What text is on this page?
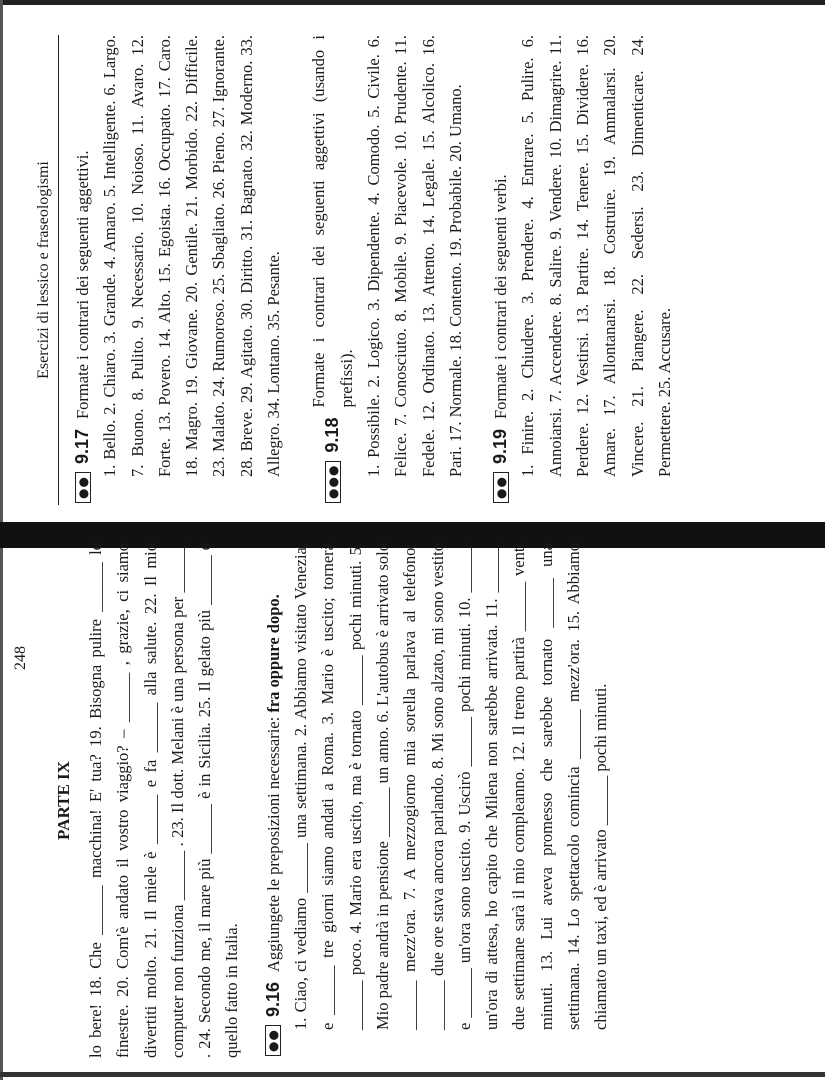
Esercizi di lessico e fraseologismi
●●
9.17
Formate i contrari dei seguenti aggettivi. 1. Bello. 2. Chiaro. 3. Grande. 4. Amaro. 5. Intelligente. 6. Largo. 7. Buono. 8. Pulito. 9. Necessario. 10. Noioso. 11. Avaro. 12. Forte. 13. Povero. 14. Alto. 15. Egoista. 16. Occupato. 17. Caro. 18. Magro. 19. Giovane. 20. Gentile. 21. Morbido. 22. Difficile. 23. Malato. 24. Rumoroso. 25. Sbagliato. 26. Pieno. 27. Ignorante. 28. Breve. 29. Agitato. 30. Diritto. 31. Bagnato. 32. Moderno. 33. Allegro. 34. Lontano. 35. Pesante.

●●●
9.18
Formate i contrari dei seguenti aggettivi (usando i prefissi). 1. Possibile. 2. Logico. 3. Dipendente. 4. Comodo. 5. Civile. 6. Felice. 7. Conosciuto. 8. Mobile. 9. Piacevole. 10. Prudente. 11. Fedele. 12. Ordinato. 13. Attento. 14. Legale. 15. Alcolico. 16. Pari. 17. Normale. 18. Contento. 19. Probabile. 20. Umano.

●●
9.19
Formate i contrari dei seguenti verbi. 1. Finire. 2. Chiudere. 3. Prendere. 4. Entrare. 5. Pulire. 6. Annoiarsi. 7. Accendere. 8. Salire. 9. Vendere. 10. Dimagrire. 11. Perdere. 12. Vestirsi. 13. Partire. 14. Tenere. 15. Dividere. 16. Amare. 17. Allontanarsi. 18. Costruire. 19. Ammalarsi. 20. Vincere. 21. Piangere. 22. Sedersi. 23. Dimenticare. 24. Permettere. 25. Accusare.

PARTE IX lo bere! 18. Che ______ macchina! E' tua? 19. Bisogna pulire ______ le finestre. 20. Com'è andato il vostro viaggio? – ______ , grazie, ci siamo divertiti molto. 21. Il miele è ______ e fa ______ alla salute. 22. Il mio computer non funziona ______ . 23. Il dott. Melani è una persona per ______ . 24. Secondo me, il mare più ______ è in Sicilia. 25. Il gelato più ______ è quello fatto in Italia.	●●
9.16
Aggiungete le preposizioni necessarie: fra oppure dopo. 1. Ciao, ci vediamo ______ una settimana. 2. Abbiamo visitato Venezia, e ______ tre giorni siamo andati a Roma. 3. Mario è uscito; tornerà ______ poco. 4. Mario era uscito, ma è tornato ______ pochi minuti. 5. Mio padre andrà in pensione ______ un anno. 6. L'autobus è arrivato solo ______ mezz'ora. 7. A mezzogiorno mia sorella parlava al telefono; ______ due ore stava ancora parlando. 8. Mi sono alzato, mi sono vestito e ______ un'ora sono uscito. 9. Uscirò ______ pochi minuti. 10. ______ un'ora di attesa, ho capito che Milena non sarebbe arrivata. 11. ______ due settimane sarà il mio compleanno. 12. Il treno partirà ______ venti minuti. 13. Lui aveva promesso che sarebbe tornato ______ una settimana. 14. Lo spettacolo comincia ______ mezz'ora. 15. Abbiamo chiamato un taxi, ed è arrivato ______ pochi minuti.

248
